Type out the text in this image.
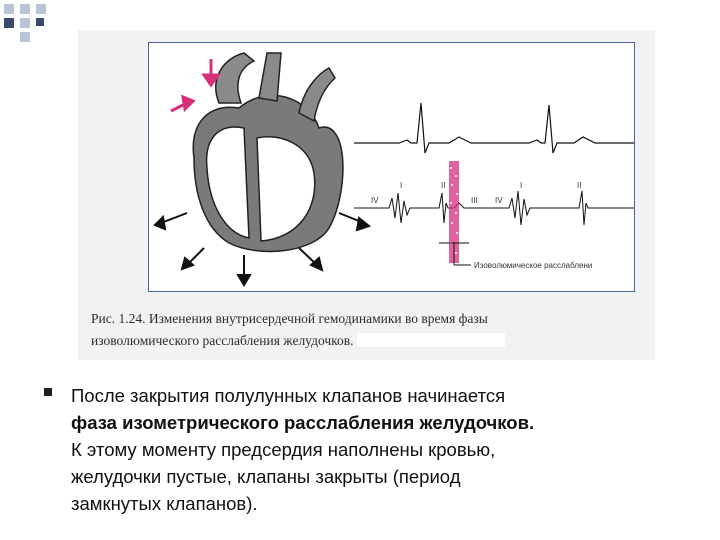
I	II
III
IV	IV
I	II
Изоволюмическое расслаблени
Рис. 1.24. Изменения внутрисердечной гемодинамики во время фазы
изоволюмического расслабления желудочков.
После закрытия полулунных клапанов начинается
фаза изометрического расслабления желудочков.
К этому моменту предсердия наполнены кровью,
желудочки пустые, клапаны закрыты (период
замкнутых клапанов).
